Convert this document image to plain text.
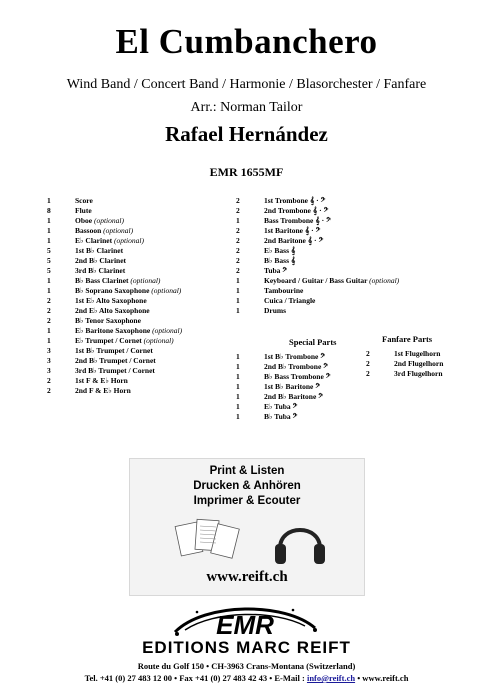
El Cumbanchero
Wind Band / Concert Band / Harmonie / Blasorchester / Fanfare
Arr.: Norman Tailor
Rafael Hernández
EMR 1655MF
1	Score
8	Flute
1	Oboe (optional)
1	Bassoon (optional)
1	E♭ Clarinet (optional)
5	1st B♭ Clarinet
5	2nd B♭ Clarinet
5	3rd B♭ Clarinet
1	B♭ Bass Clarinet (optional)
1	B♭ Soprano Saxophone (optional)
2	1st E♭ Alto Saxophone
2	2nd E♭ Alto Saxophone
2	B♭ Tenor Saxophone
1	E♭ Baritone Saxophone (optional)
1	E♭ Trumpet / Cornet (optional)
3	1st B♭ Trumpet / Cornet
3	2nd B♭ Trumpet / Cornet
3	3rd B♭ Trumpet / Cornet
2	1st F & E♭ Horn
2	2nd F & E♭ Horn
2	1st Trombone 𝄞 · 𝄢
2	2nd Trombone 𝄞 · 𝄢
1	Bass Trombone 𝄞 · 𝄢
2	1st Baritone 𝄞 · 𝄢
2	2nd Baritone 𝄞 · 𝄢
2	E♭ Bass 𝄞
2	B♭ Bass 𝄞
2	Tuba 𝄢
1	Keyboard / Guitar / Bass Guitar (optional)
1	Tambourine
1	Cuica / Triangle
1	Drums
Special Parts	Fanfare Parts
1	1st B♭ Trombone 𝄢
1	2nd B♭ Trombone 𝄢
1	B♭ Bass Trombone 𝄢
1	1st B♭ Baritone 𝄢
1	2nd B♭ Baritone 𝄢
1	E♭ Tuba 𝄢
1	B♭ Tuba 𝄢
2	1st Flugelhorn
2	2nd Flugelhorn
2	3rd Flugelhorn
Print & Listen
Drucken & Anhören
Imprimer & Ecouter
www.reift.ch
EMR
EDITIONS MARC REIFT
Route du Golf 150 • CH-3963 Crans-Montana (Switzerland)
Tel. +41 (0) 27 483 12 00 • Fax +41 (0) 27 483 42 43 • E-Mail : info@reift.ch • www.reift.ch
